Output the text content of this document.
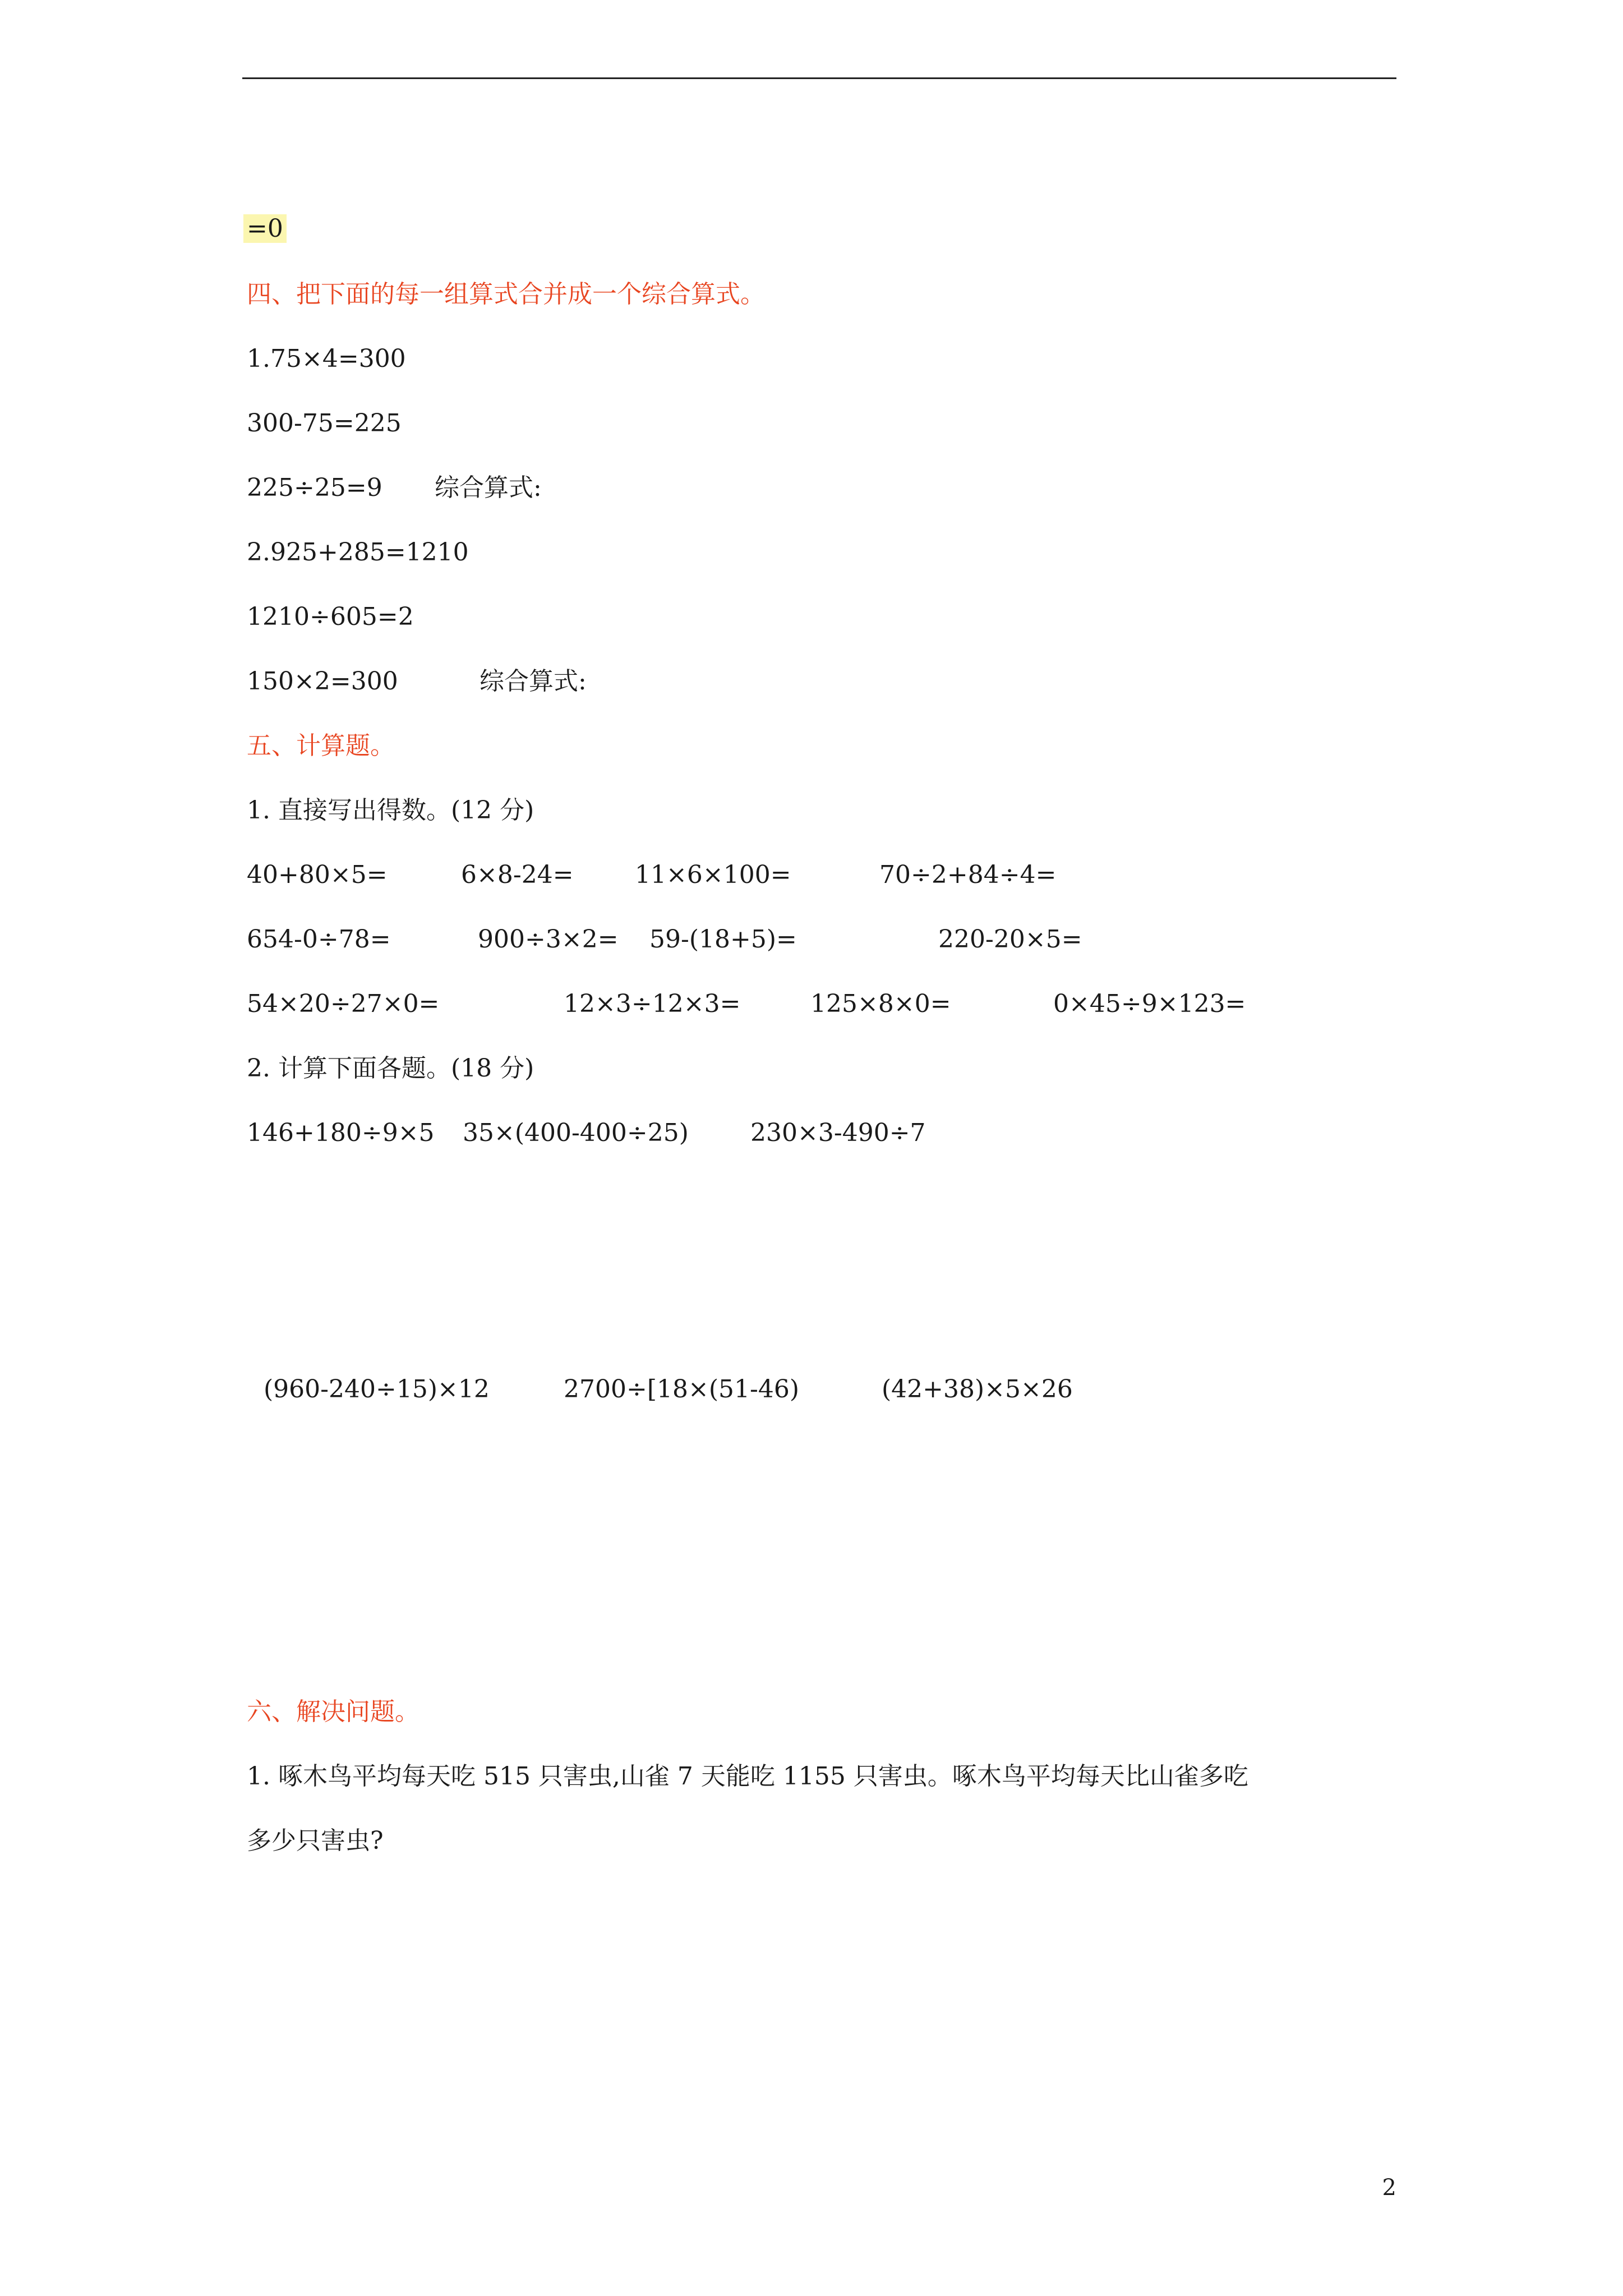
=0
四、把下面的每一组算式合并成一个综合算式。
1.75×4=300
300-75=225
225÷25=9 综合算式:
2.925+285=1210
1210÷605=2
150×2=300	综合算式:
五、计算题。
1. 直接写出得数。(12 分)
40+80×5=	6×8-24= 11×6×100=	70÷2+84÷4=
654-0÷78=	900÷3×2= 59-(18+5)=	220-20×5=
54×20÷27×0=	12×3÷12×3=	125×8×0=	0×45÷9×123=
2. 计算下面各题。(18 分)
146+180÷9×5 35×(400-400÷25)	230×3-490÷7
(960-240÷15)×12	2700÷[18×(51-46)	(42+38)×5×26
六、解决问题。
1. 啄木鸟平均每天吃 515 只害虫,山雀 7 天能吃 1155 只害虫。啄木鸟平均每天比山雀多吃
多少只害虫?
2
